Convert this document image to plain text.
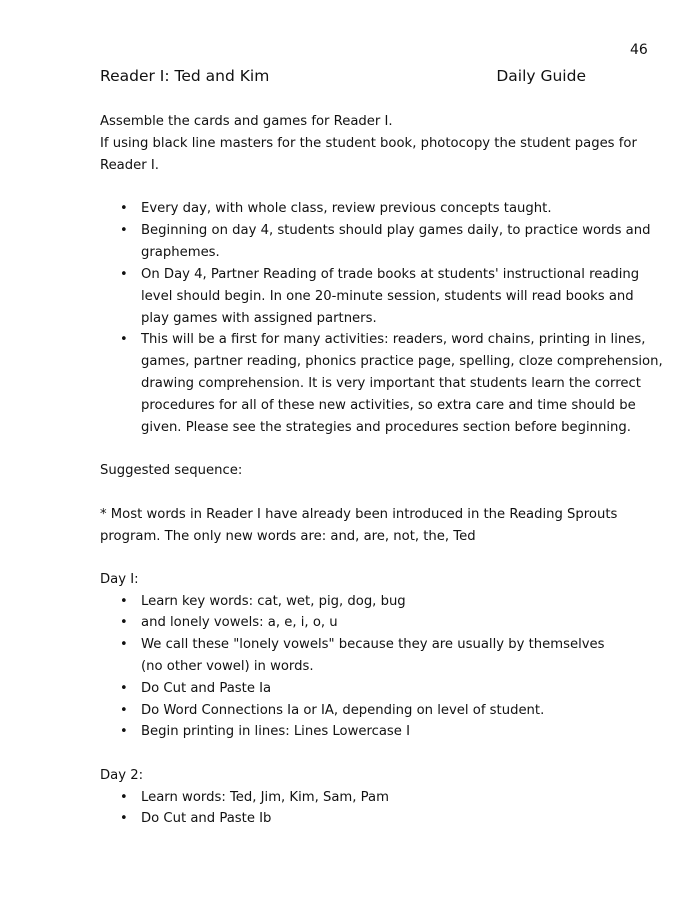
46
Reader I: Ted and Kim	Daily Guide
Assemble the cards and games for Reader I.
If using black line masters for the student book, photocopy the student pages for
Reader I.
• Every day, with whole class, review previous concepts taught.
• Beginning on day 4, students should play games daily, to practice words and
graphemes.
• On Day 4, Partner Reading of trade books at students' instructional reading
level should begin. In one 20-minute session, students will read books and
play games with assigned partners.
• This will be a first for many activities: readers, word chains, printing in lines,
games, partner reading, phonics practice page, spelling, cloze comprehension,
drawing comprehension. It is very important that students learn the correct
procedures for all of these new activities, so extra care and time should be
given. Please see the strategies and procedures section before beginning.
Suggested sequence:
* Most words in Reader I have already been introduced in the Reading Sprouts
program. The only new words are: and, are, not, the, Ted
Day I:
• Learn key words: cat, wet, pig, dog, bug
• and lonely vowels: a, e, i, o, u
• We call these "lonely vowels" because they are usually by themselves
(no other vowel) in words.
• Do Cut and Paste Ia
• Do Word Connections Ia or IA, depending on level of student.
• Begin printing in lines: Lines Lowercase I
Day 2:
• Learn words: Ted, Jim, Kim, Sam, Pam
• Do Cut and Paste Ib
